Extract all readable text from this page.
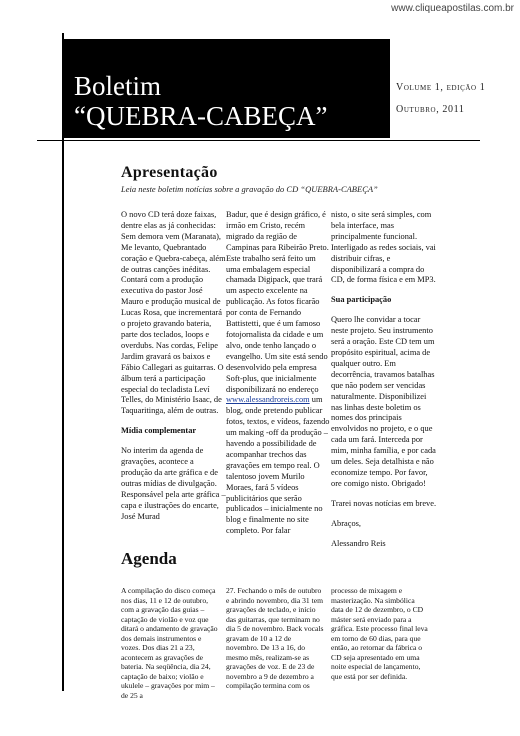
www.cliqueapostilas.com.br
Boletim
“QUEBRA-CABEÇA”
Volume 1, edição 1
Outubro, 2011
Apresentação
Leia neste boletim notícias sobre a gravação do CD “QUEBRA-CABEÇA”

O novo CD terá doze faixas, dentre elas as já conhecidas: Sem demora vem (Maranata), Me levanto, Quebrantado coração e Quebra-cabeça, além de outras canções inéditas. Contará com a produção executiva do pastor José Mauro e produção musical de Lucas Rosa, que incrementará o projeto gravando bateria, parte dos teclados, loops e overdubs. Nas cordas, Felipe Jardim gravará os baixos e Fábio Callegari as guitarras. O álbum terá a participação especial do tecladista Leví Telles, do Ministério Isaac, de Taquaritinga, além de outras.

Mídia complementar

No interim da agenda de gravações, acontece a produção da arte gráfica e de outras mídias de divulgação. Responsável pela arte gráfica – capa e ilustrações do encarte, José Murad

Badur, que é design gráfico, é irmão em Cristo, recém migrado da região de Campinas para Ribeirão Preto. Este trabalho será feito um uma embalagem especial chamada Digipack, que trará um aspecto excelente na publicação. As fotos ficarão por conta de Fernando Battistetti, que é um famoso fotojornalista da cidade e um alvo, onde tenho lançado o evangelho. Um site está sendo desenvolvido pela empresa Soft-plus, que inicialmente disponibilizará no endereço www.alessandroreis.com um blog, onde pretendo publicar fotos, textos, e vídeos, fazendo um making -off da produção – havendo a possibilidade de acompanhar trechos das gravações em tempo real. O talentoso jovem Murilo Moraes, fará 5 vídeos publicitários que serão publicados – inicialmente no blog e finalmente no site completo. Por falar

nisto, o site será simples, com bela interface, mas principalmente funcional. Interligado as redes sociais, vai distribuir cifras, e disponibilizará a compra do CD, de forma física e em MP3.

Sua participação

Quero lhe convidar a tocar neste projeto. Seu instrumento será a oração. Este CD tem um propósito espiritual, acima de qualquer outro. Em decorrência, travamos batalhas que não podem ser vencidas naturalmente. Disponibilizei nas linhas deste boletim os nomes dos principais envolvidos no projeto, e o que cada um fará. Interceda por mim, minha família, e por cada um deles. Seja detalhista e não economize tempo. Por favor, ore comigo nisto. Obrigado!

Trarei novas notícias em breve.

Abraços,

Alessandro Reis

Agenda

A compilação do disco começa nos dias, 11 e 12 de outubro, com a gravação das guias – captação de violão e voz que ditará o andamento de gravação dos demais instrumentos e vozes. Dos dias 21 a 23, acontecem as gravações de bateria. Na seqüência, dia 24, captação de baixo; violão e ukulele – gravações por mim – de 25 a

27. Fechando o mês de outubro e abrindo novembro, dia 31 tem gravações de teclado, e início das guitarras, que terminam no dia 5 de novembro. Back vocals gravam de 10 a 12 de novembro. De 13 a 16, do mesmo mês, realizam-se as gravações de voz. E de 23 de novembro a 9 de dezembro a compilação termina com os

processo de mixagem e masterização. Na simbólica data de 12 de dezembro, o CD máster será enviado para a gráfica. Este processo final leva em torno de 60 dias, para que então, ao retornar da fábrica o CD seja apresentado em uma noite especial de lançamento, que está por ser definida.
